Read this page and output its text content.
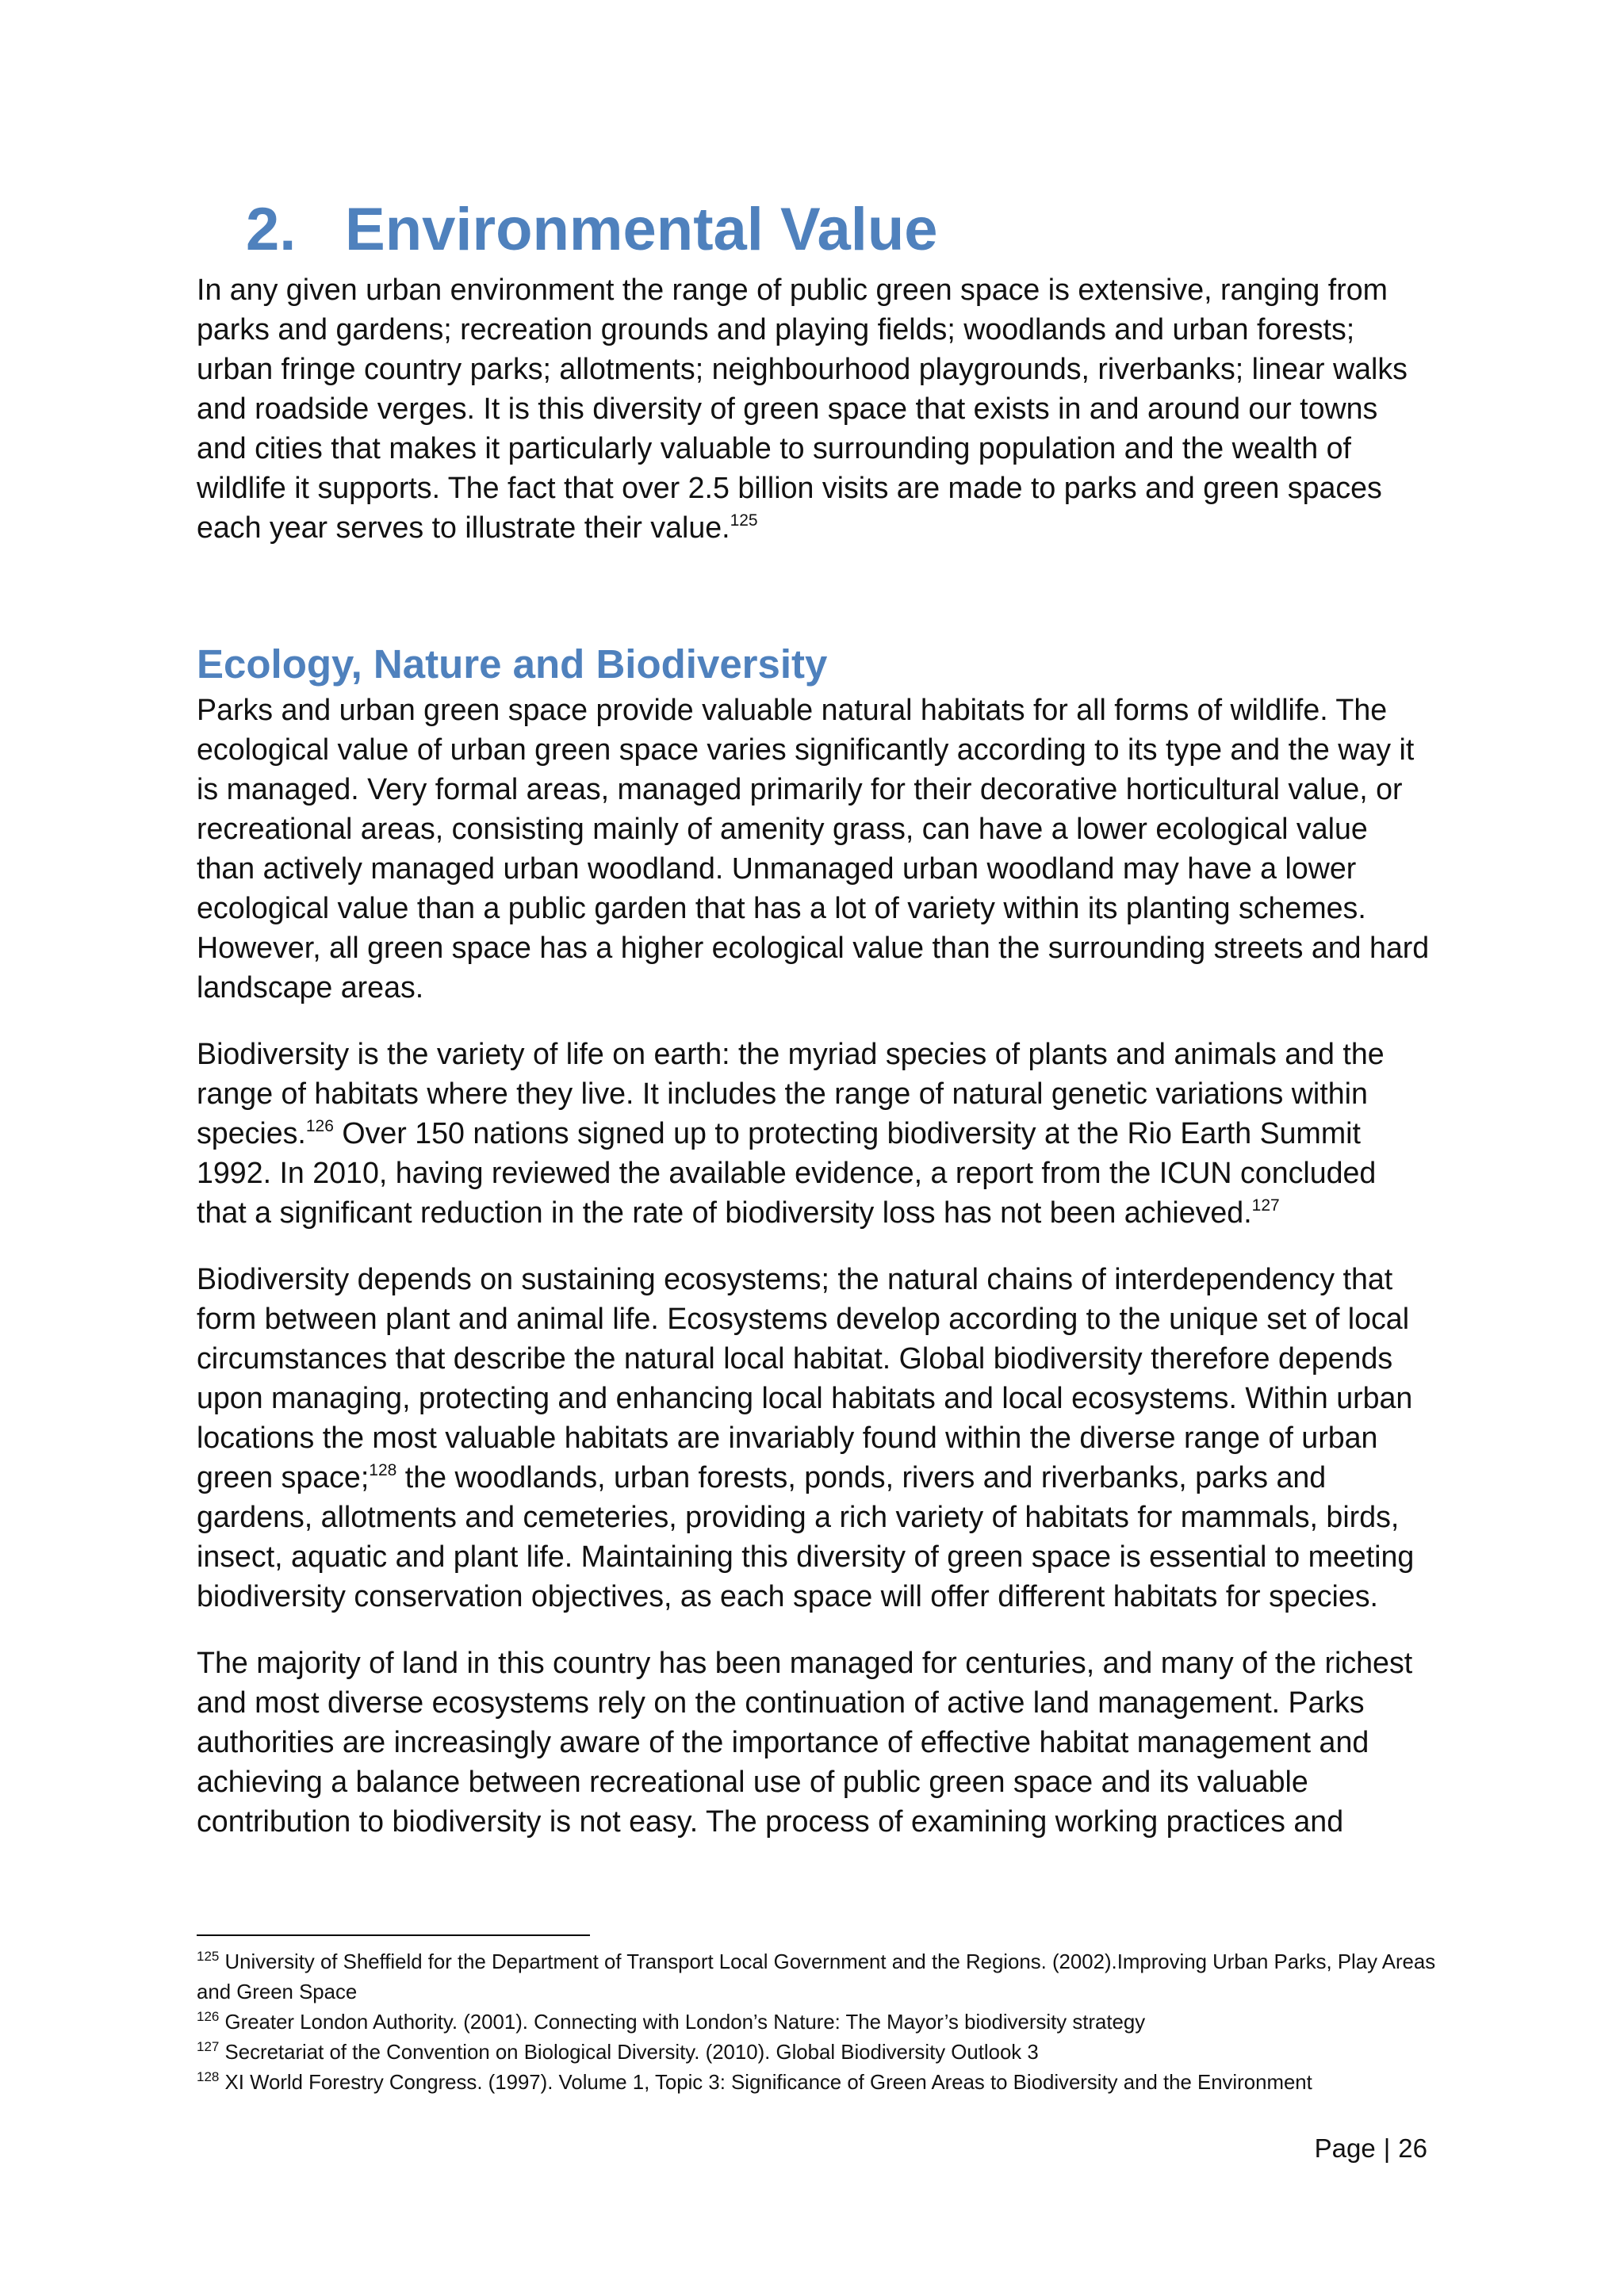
2. Environmental Value

In any given urban environment the range of public green space is extensive, ranging from parks and gardens; recreation grounds and playing fields; woodlands and urban forests; urban fringe country parks; allotments; neighbourhood playgrounds, riverbanks; linear walks and roadside verges. It is this diversity of green space that exists in and around our towns and cities that makes it particularly valuable to surrounding population and the wealth of wildlife it supports. The fact that over 2.5 billion visits are made to parks and green spaces each year serves to illustrate their value.$^{125}$

Ecology, Nature and Biodiversity

Parks and urban green space provide valuable natural habitats for all forms of wildlife. The ecological value of urban green space varies significantly according to its type and the way it is managed. Very formal areas, managed primarily for their decorative horticultural value, or recreational areas, consisting mainly of amenity grass, can have a lower ecological value than actively managed urban woodland. Unmanaged urban woodland may have a lower ecological value than a public garden that has a lot of variety within its planting schemes. However, all green space has a higher ecological value than the surrounding streets and hard landscape areas.

Biodiversity is the variety of life on earth: the myriad species of plants and animals and the range of habitats where they live. It includes the range of natural genetic variations within species.$^{126}$ Over 150 nations signed up to protecting biodiversity at the Rio Earth Summit 1992. In 2010, having reviewed the available evidence, a report from the ICUN concluded that a significant reduction in the rate of biodiversity loss has not been achieved.$^{127}$

Biodiversity depends on sustaining ecosystems; the natural chains of interdependency that form between plant and animal life. Ecosystems develop according to the unique set of local circumstances that describe the natural local habitat. Global biodiversity therefore depends upon managing, protecting and enhancing local habitats and local ecosystems. Within urban locations the most valuable habitats are invariably found within the diverse range of urban green space;$^{128}$ the woodlands, urban forests, ponds, rivers and riverbanks, parks and gardens, allotments and cemeteries, providing a rich variety of habitats for mammals, birds, insect, aquatic and plant life. Maintaining this diversity of green space is essential to meeting biodiversity conservation objectives, as each space will offer different habitats for species.

The majority of land in this country has been managed for centuries, and many of the richest and most diverse ecosystems rely on the continuation of active land management. Parks authorities are increasingly aware of the importance of effective habitat management and achieving a balance between recreational use of public green space and its valuable contribution to biodiversity is not easy. The process of examining working practices and

$^{125}$ University of Sheffield for the Department of Transport Local Government and the Regions. (2002).Improving Urban Parks, Play Areas and Green Space

$^{126}$ Greater London Authority. (2001). Connecting with London’s Nature: The Mayor’s biodiversity strategy

$^{127}$ Secretariat of the Convention on Biological Diversity. (2010). Global Biodiversity Outlook 3

$^{128}$ XI World Forestry Congress. (1997). Volume 1, Topic 3: Significance of Green Areas to Biodiversity and the Environment

Page | 26
